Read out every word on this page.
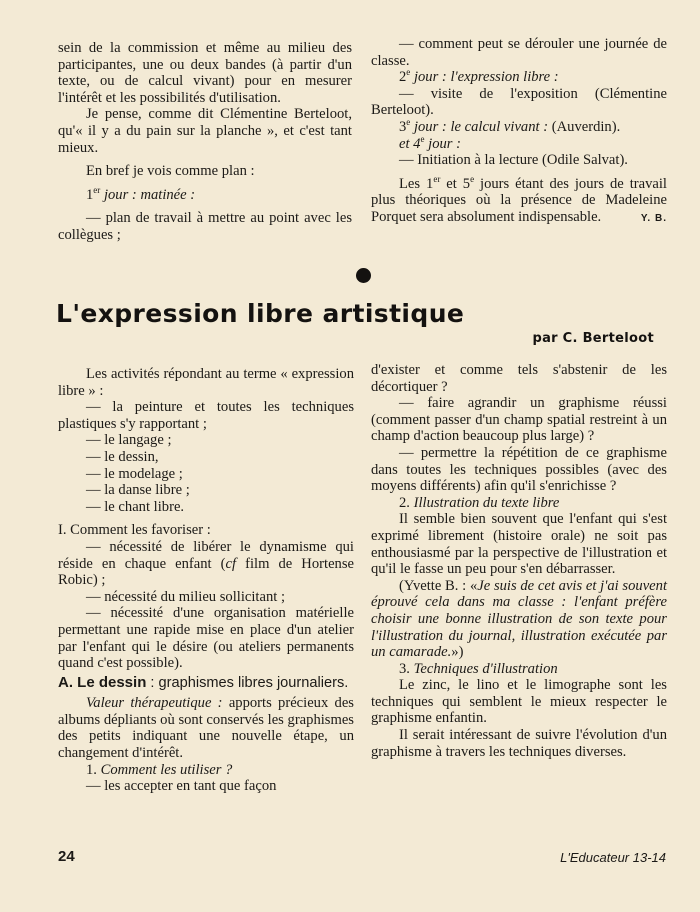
sein de la commission et même au milieu des participantes, une ou deux bandes (à partir d'un texte, ou de calcul vivant) pour en mesurer l'intérêt et les possibilités d'utilisation.

Je pense, comme dit Clémentine Berteloot, qu'« il y a du pain sur la planche », et c'est tant mieux.

En bref je vois comme plan :

1er jour : matinée :

— plan de travail à mettre au point avec les collègues ;

— comment peut se dérouler une journée de classe.

2e jour : l'expression libre :

— visite de l'exposition (Clémentine Berteloot).

3e jour : le calcul vivant : (Auverdin).

et 4e jour :

— Initiation à la lecture (Odile Salvat).

Les 1er et 5e jours étant des jours de travail plus théoriques où la présence de Madeleine Porquet sera absolument indispensable.	Y. B.

L'expression libre artistique
par C. Berteloot

Les activités répondant au terme « expression libre » :

— la peinture et toutes les techniques plastiques s'y rapportant ;

— le langage ;

— le dessin,

— le modelage ;

— la danse libre ;

— le chant libre.

I. Comment les favoriser :

— nécessité de libérer le dynamisme qui réside en chaque enfant (cf film de Hortense Robic) ;

— nécessité du milieu sollicitant ;

— nécessité d'une organisation matérielle permettant une rapide mise en place d'un atelier par l'enfant qui le désire (ou ateliers permanents quand c'est possible).

A. Le dessin : graphismes libres journaliers.

Valeur thérapeutique : apports précieux des albums dépliants où sont conservés les graphismes des petits indiquant une nouvelle étape, un changement d'intérêt.

1. Comment les utiliser ?

— les accepter en tant que façon

d'exister et comme tels s'abstenir de les décortiquer ?

— faire agrandir un graphisme réussi (comment passer d'un champ spatial restreint à un champ d'action beaucoup plus large) ?

— permettre la répétition de ce graphisme dans toutes les techniques possibles (avec des moyens différents) afin qu'il s'enrichisse ?

2. Illustration du texte libre

Il semble bien souvent que l'enfant qui s'est exprimé librement (histoire orale) ne soit pas enthousiasmé par la perspective de l'illustration et qu'il le fasse un peu pour s'en débarrasser.

(Yvette B. : «Je suis de cet avis et j'ai souvent éprouvé cela dans ma classe : l'enfant préfère choisir une bonne illustration de son texte pour l'illustration du journal, illustration exécutée par un camarade.»)

3. Techniques d'illustration

Le zinc, le lino et le limographe sont les techniques qui semblent le mieux respecter le graphisme enfantin.

Il serait intéressant de suivre l'évolution d'un graphisme à travers les techniques diverses.

24	L'Educateur 13-14
